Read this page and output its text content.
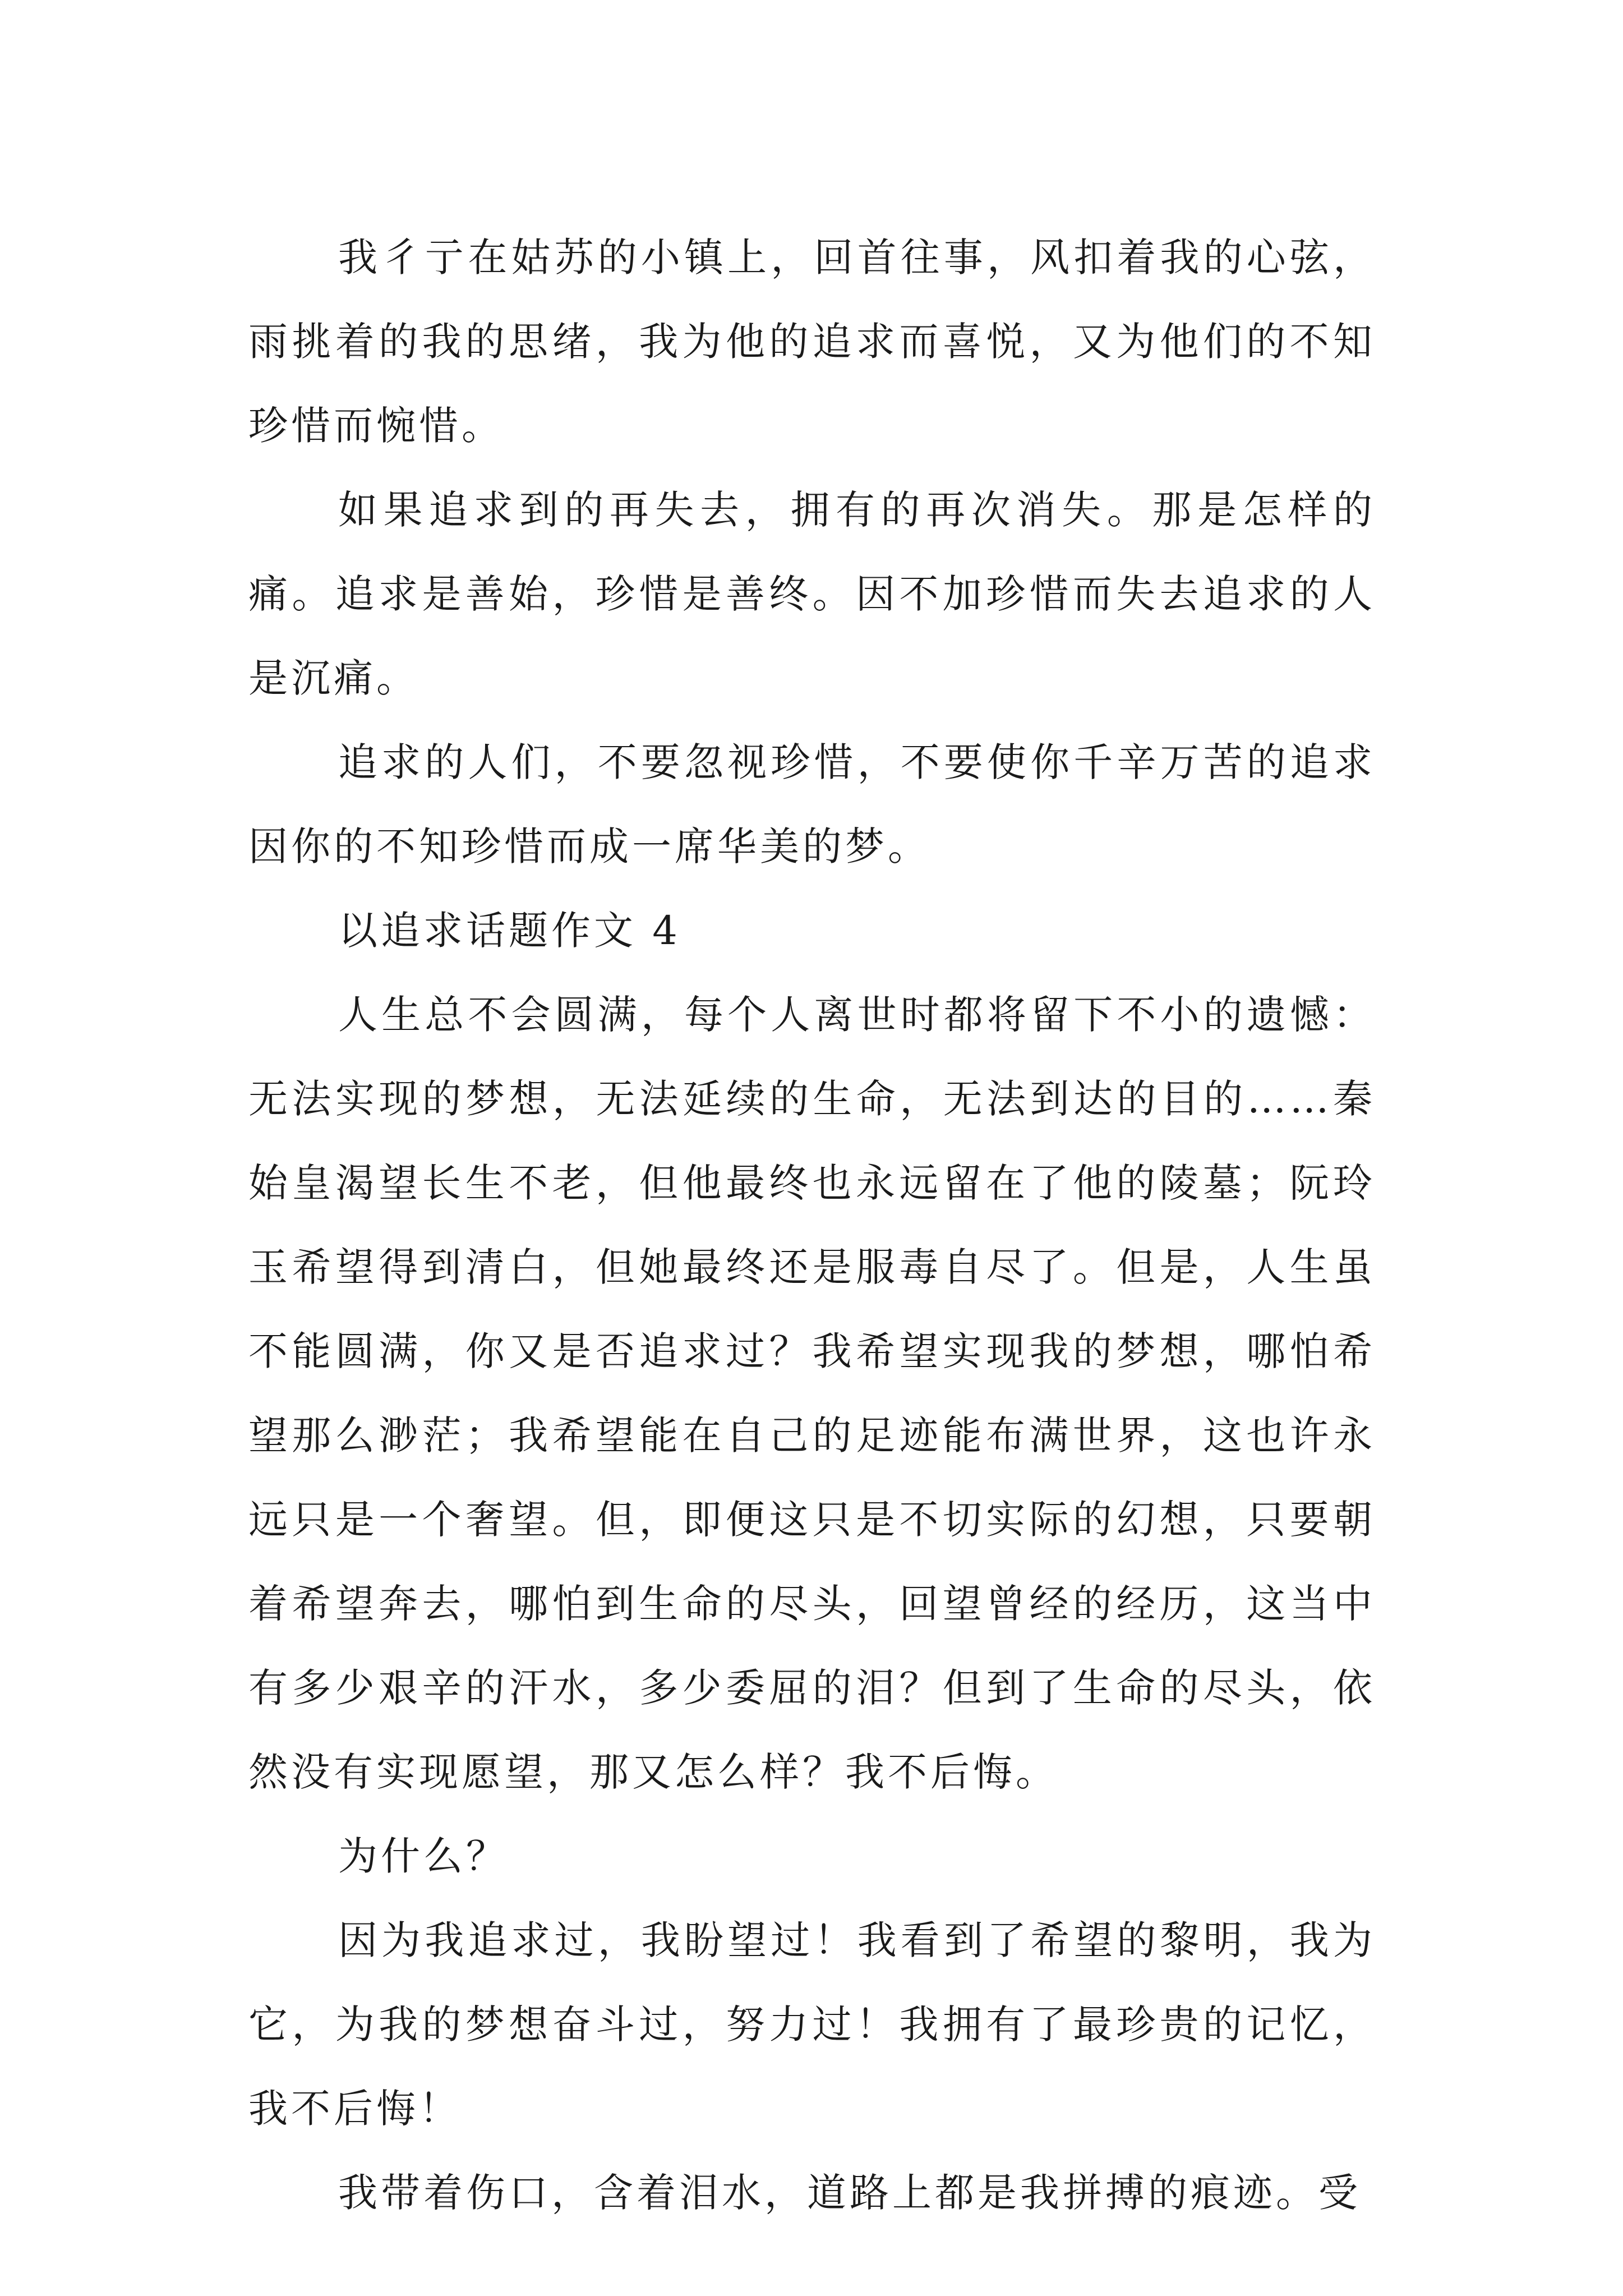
我彳亍在姑苏的小镇上，回首往事，风扣着我的心弦，雨挑着的我的思绪，我为他的追求而喜悦，又为他们的不知珍惜而惋惜。

如果追求到的再失去，拥有的再次消失。那是怎样的痛。追求是善始，珍惜是善终。因不加珍惜而失去追求的人是沉痛。

追求的人们，不要忽视珍惜，不要使你千辛万苦的追求因你的不知珍惜而成一席华美的梦。

以追求话题作文 4

人生总不会圆满，每个人离世时都将留下不小的遗憾：无法实现的梦想，无法延续的生命，无法到达的目的……秦始皇渴望长生不老，但他最终也永远留在了他的陵墓；阮玲玉希望得到清白，但她最终还是服毒自尽了。但是，人生虽不能圆满，你又是否追求过？我希望实现我的梦想，哪怕希望那么渺茫；我希望能在自己的足迹能布满世界，这也许永远只是一个奢望。但，即便这只是不切实际的幻想，只要朝着希望奔去，哪怕到生命的尽头，回望曾经的经历，这当中有多少艰辛的汗水，多少委屈的泪？但到了生命的尽头，依然没有实现愿望，那又怎么样？我不后悔。

为什么？

因为我追求过，我盼望过！我看到了希望的黎明，我为它，为我的梦想奋斗过，努力过！我拥有了最珍贵的记忆，我不后悔！

我带着伤口，含着泪水，道路上都是我拼搏的痕迹。受
